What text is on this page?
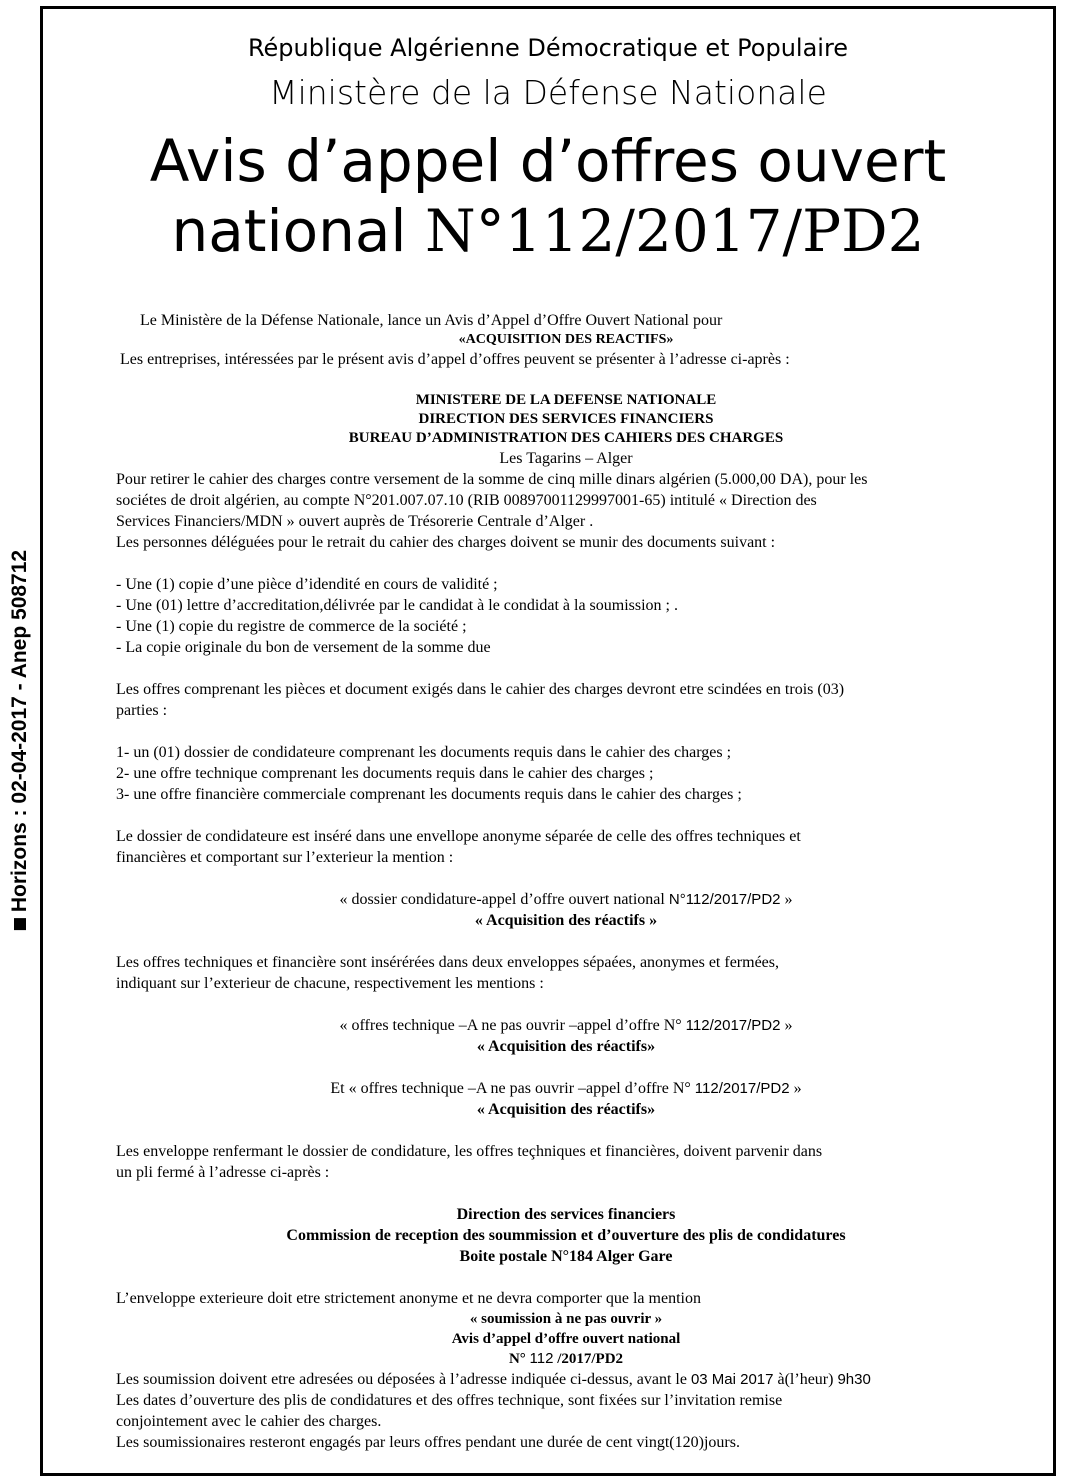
Horizons : 02-04-2017 - Anep 508712
République Algérienne Démocratique et Populaire
Ministère de la Défense Nationale
Avis d’appel d’offres ouvert
national N°112/2017/PD2

Le Ministère de la Défense Nationale, lance un Avis d’Appel d’Offre Ouvert National pour

«ACQUISITION DES REACTIFS»

Les entreprises, intéressées par le présent avis d’appel d’offres peuvent se présenter à l’adresse ci-après :

MINISTERE DE LA DEFENSE NATIONALE

DIRECTION DES SERVICES FINANCIERS

BUREAU D’ADMINISTRATION DES CAHIERS DES CHARGES

Les Tagarins – Alger

Pour retirer le cahier des charges contre versement de la somme de cinq mille dinars algérien (5.000,00 DA), pour les

sociétes de droit algérien, au compte N°201.007.07.10 (RIB 00897001129997001-65) intitulé « Direction des

Services Financiers/MDN » ouvert auprès de Trésorerie Centrale d’Alger .

Les personnes déléguées pour le retrait du cahier des charges doivent se munir des documents suivant :

- Une (1) copie d’une pièce d’idendité en cours de validité ;

- Une (01) lettre d’accreditation,délivrée par le candidat à le condidat à la soumission ; .

- Une (1) copie du registre de commerce de la société ;

- La copie originale du bon de versement de la somme due

Les offres comprenant les pièces et document exigés dans le cahier des charges devront etre scindées en trois (03)

parties :

1- un (01) dossier de condidateure comprenant les documents requis dans le cahier des charges ;

2- une offre technique comprenant les documents requis dans le cahier des charges ;

3- une offre financière commerciale comprenant les documents requis dans le cahier des charges ;

Le dossier de condidateure est inséré dans une envellope anonyme séparée de celle des offres techniques et

financières et comportant sur l’exterieur la mention :

« dossier condidature-appel d’offre ouvert national N°112/2017/PD2 »

« Acquisition des réactifs »

Les offres techniques et financière sont insérérées dans deux enveloppes sépaées, anonymes et fermées,

indiquant sur l’exterieur de chacune, respectivement les mentions :

« offres technique –A ne pas ouvrir –appel d’offre N° 112/2017/PD2 »

« Acquisition des réactifs»

Et « offres technique –A ne pas ouvrir –appel d’offre N° 112/2017/PD2 »

« Acquisition des réactifs»

Les enveloppe renfermant le dossier de condidature, les offres teçhniques et financières, doivent parvenir dans

un pli fermé à l’adresse ci-après :

Direction des services financiers

Commission de reception des soummission et d’ouverture des plis de condidatures

Boite postale N°184 Alger Gare

L’enveloppe exterieure doit etre strictement anonyme et ne devra comporter que la mention

« soumission à ne pas ouvrir »

Avis d’appel d’offre ouvert national

N° 112 /2017/PD2

Les soumission doivent etre adresées ou déposées à l’adresse indiquée ci-dessus, avant le 03 Mai 2017 à(l’heur) 9h30

Les dates d’ouverture des plis de condidatures et des offres technique, sont fixées sur l’invitation remise

conjointement avec le cahier des charges.

Les soumissionaires resteront engagés par leurs offres pendant une durée de cent vingt(120)jours.
